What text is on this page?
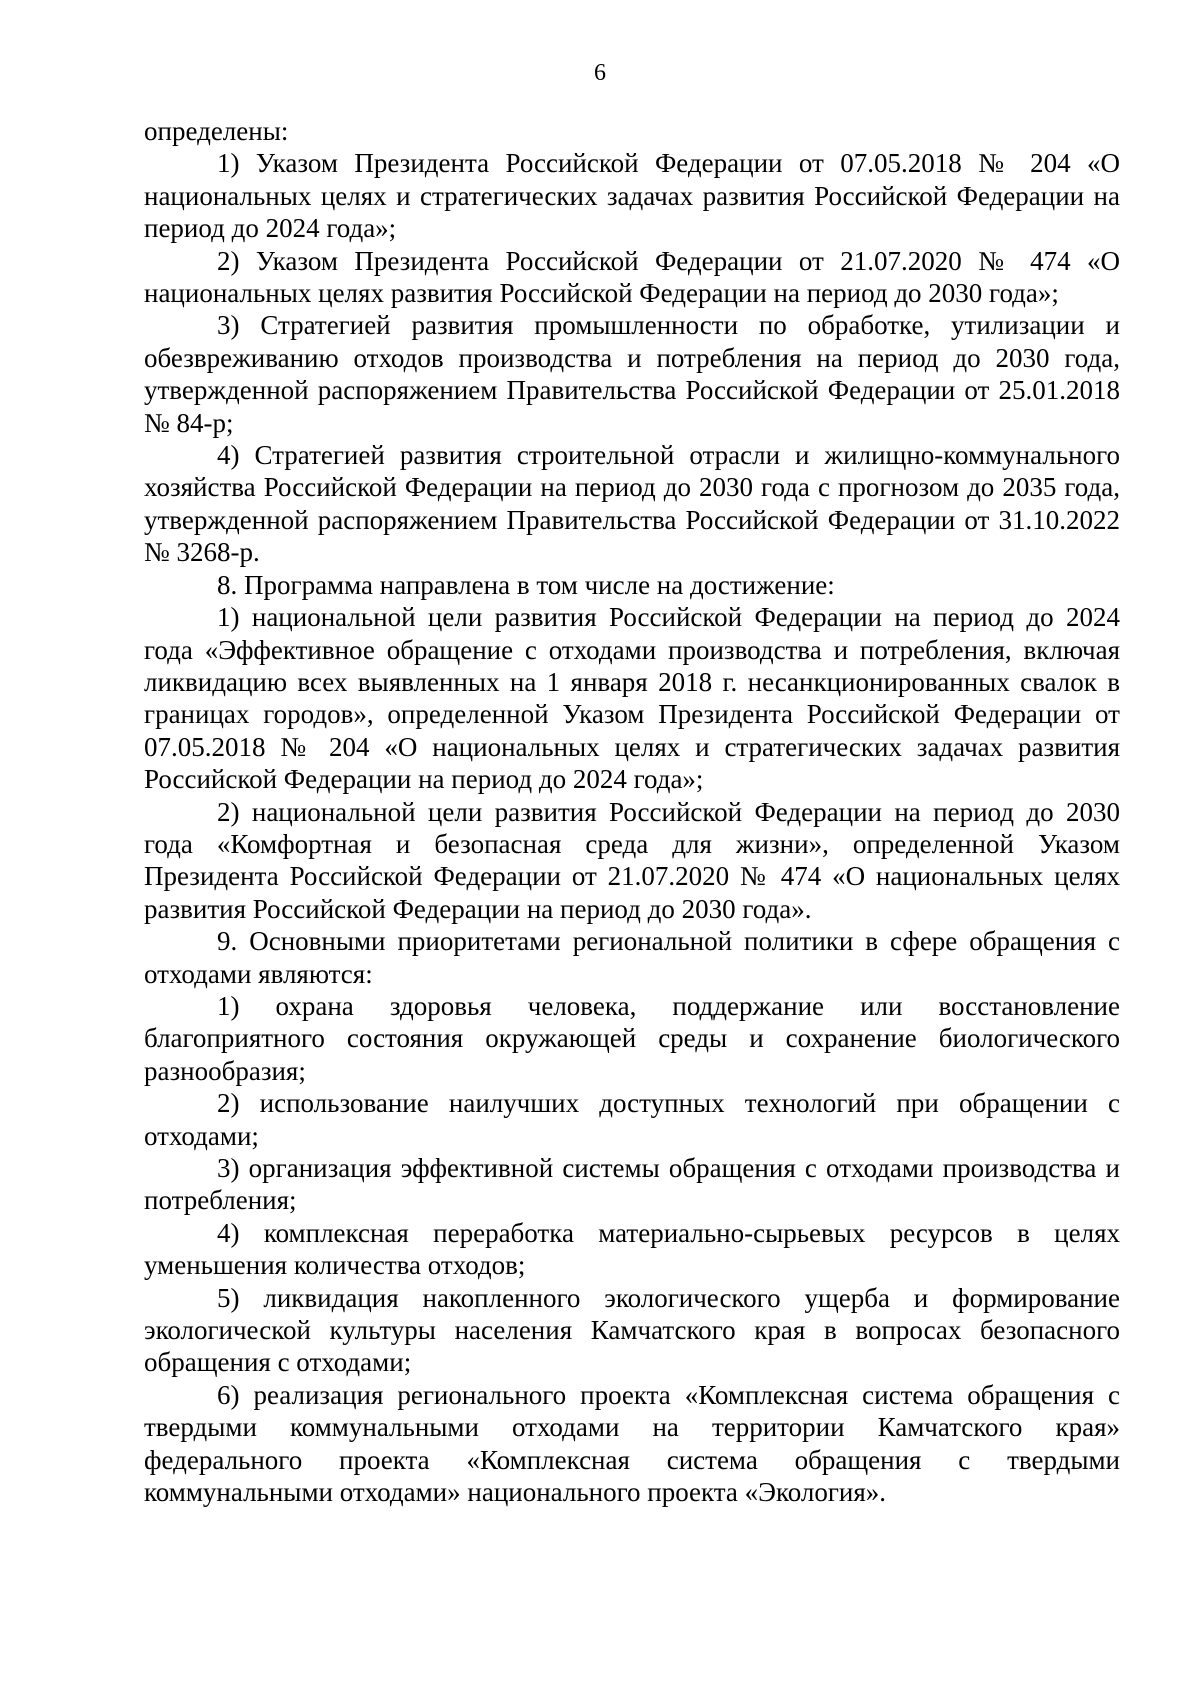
6

определены:

1) Указом Президента Российской Федерации от 07.05.2018 № 204 «О национальных целях и стратегических задачах развития Российской Федерации на период до 2024 года»;

2) Указом Президента Российской Федерации от 21.07.2020 № 474 «О национальных целях развития Российской Федерации на период до 2030 года»;

3) Стратегией развития промышленности по обработке, утилизации и обезвреживанию отходов производства и потребления на период до 2030 года, утвержденной распоряжением Правительства Российской Федерации от 25.01.2018 № 84-р;

4) Стратегией развития строительной отрасли и жилищно-коммунального хозяйства Российской Федерации на период до 2030 года с прогнозом до 2035 года, утвержденной распоряжением Правительства Российской Федерации от 31.10.2022 № 3268-р.

8. Программа направлена в том числе на достижение:

1) национальной цели развития Российской Федерации на период до 2024 года «Эффективное обращение с отходами производства и потребления, включая ликвидацию всех выявленных на 1 января 2018 г. несанкционированных свалок в границах городов», определенной Указом Президента Российской Федерации от 07.05.2018 № 204 «О национальных целях и стратегических задачах развития Российской Федерации на период до 2024 года»;

2) национальной цели развития Российской Федерации на период до 2030 года «Комфортная и безопасная среда для жизни», определенной Указом Президента Российской Федерации от 21.07.2020 № 474 «О национальных целях развития Российской Федерации на период до 2030 года».

9. Основными приоритетами региональной политики в сфере обращения с отходами являются:

1) охрана здоровья человека, поддержание или восстановление благоприятного состояния окружающей среды и сохранение биологического разнообразия;

2) использование наилучших доступных технологий при обращении с отходами;

3) организация эффективной системы обращения с отходами производства и потребления;

4) комплексная переработка материально-сырьевых ресурсов в целях уменьшения количества отходов;

5) ликвидация накопленного экологического ущерба и формирование экологической культуры населения Камчатского края в вопросах безопасного обращения с отходами;

6) реализация регионального проекта «Комплексная система обращения с твердыми коммунальными отходами на территории Камчатского края» федерального проекта «Комплексная система обращения с твердыми коммунальными отходами» национального проекта «Экология».
